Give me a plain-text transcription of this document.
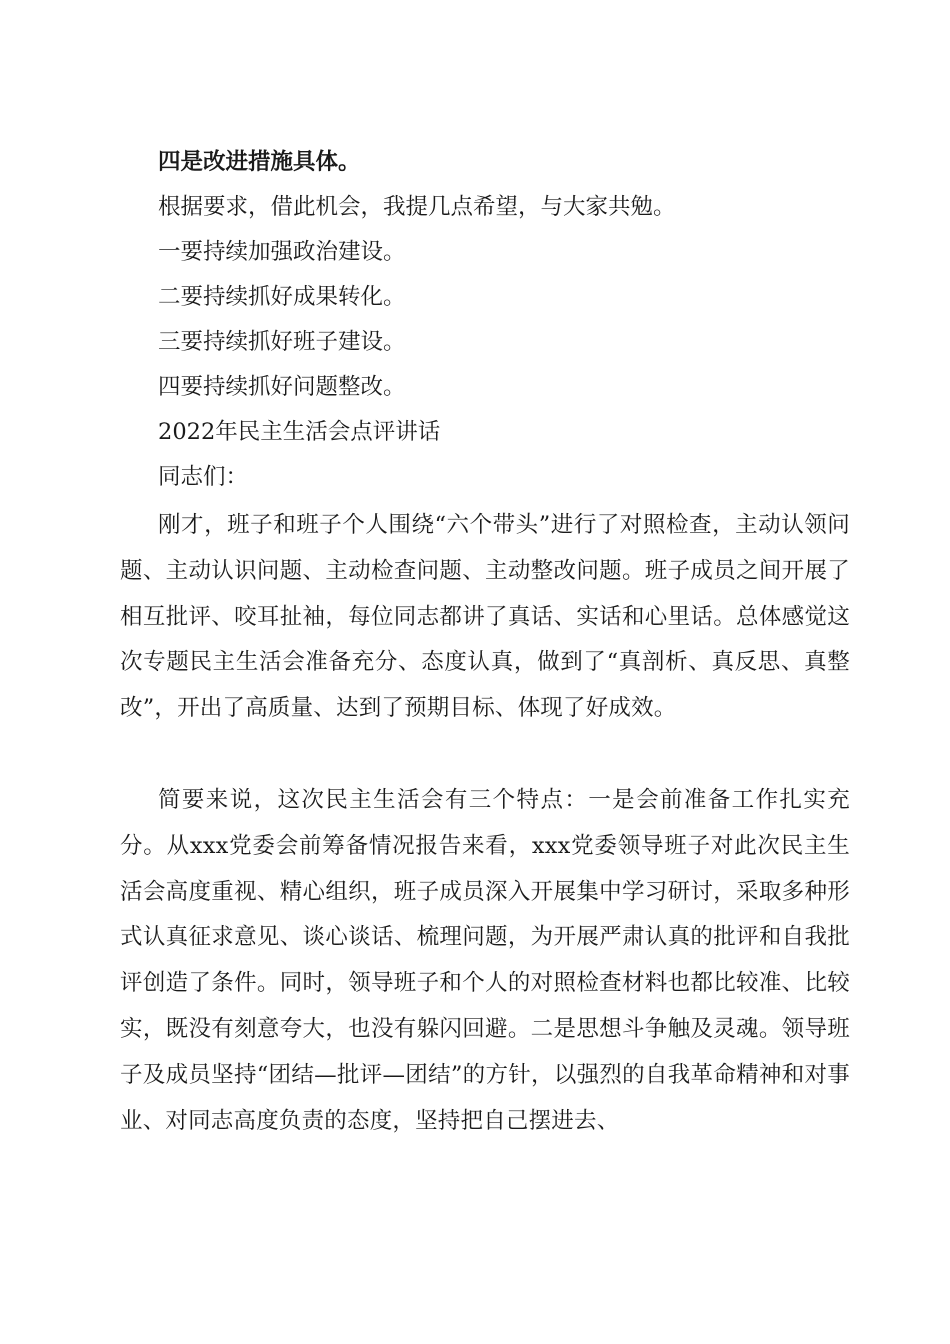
四是改进措施具体。
根据要求，借此机会，我提几点希望，与大家共勉。
一要持续加强政治建设。
二要持续抓好成果转化。
三要持续抓好班子建设。
四要持续抓好问题整改。
2022年民主生活会点评讲话
同志们：
刚才，班子和班子个人围绕“六个带头”进行了对照检查，主动认领问题、主动认识问题、主动检查问题、主动整改问题。班子成员之间开展了相互批评、咬耳扯袖，每位同志都讲了真话、实话和心里话。总体感觉这次专题民主生活会准备充分、态度认真，做到了“真剖析、真反思、真整改”，开出了高质量、达到了预期目标、体现了好成效。
简要来说，这次民主生活会有三个特点：一是会前准备工作扎实充分。从xxx党委会前筹备情况报告来看，xxx党委领导班子对此次民主生活会高度重视、精心组织，班子成员深入开展集中学习研讨，采取多种形式认真征求意见、谈心谈话、梳理问题，为开展严肃认真的批评和自我批评创造了条件。同时，领导班子和个人的对照检查材料也都比较准、比较实，既没有刻意夸大，也没有躲闪回避。二是思想斗争触及灵魂。领导班子及成员坚持“团结—批评—团结”的方针，以强烈的自我革命精神和对事业、对同志高度负责的态度，坚持把自己摆进去、
